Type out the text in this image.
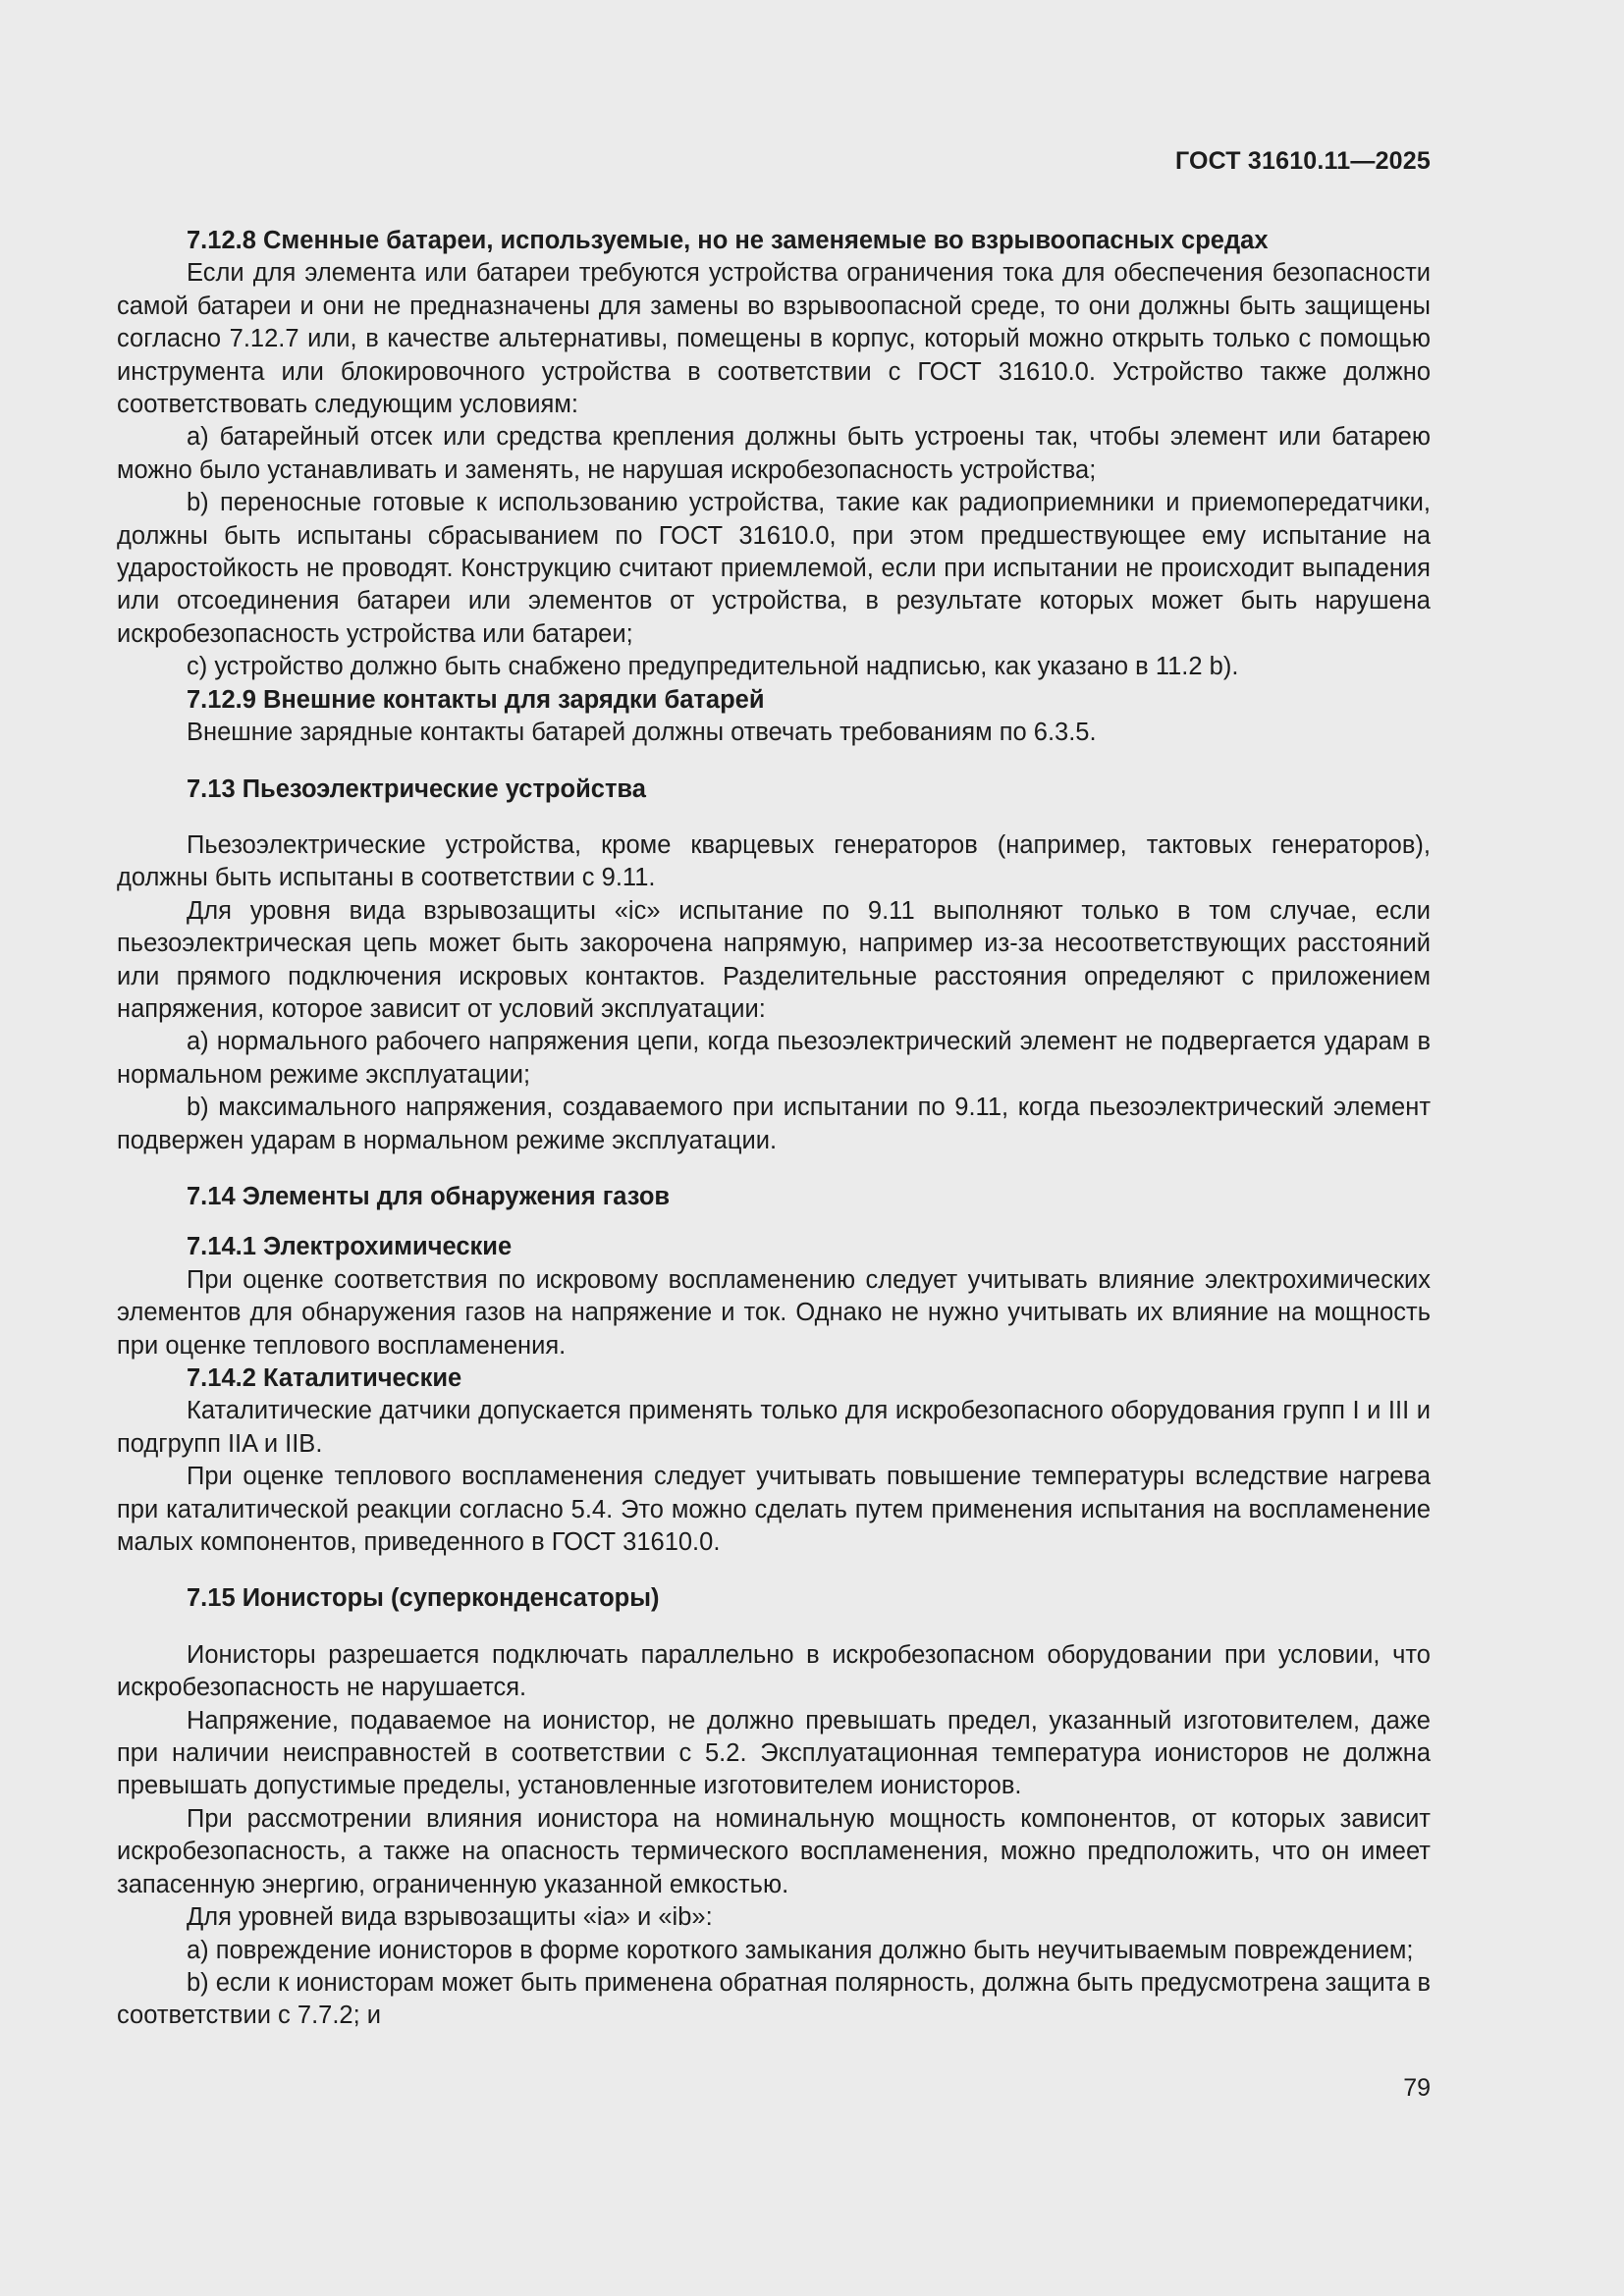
ГОСТ 31610.11—2025

7.12.8 Сменные батареи, используемые, но не заменяемые во взрывоопасных средах

Если для элемента или батареи требуются устройства ограничения тока для обеспечения безопасности самой батареи и они не предназначены для замены во взрывоопасной среде, то они должны быть защищены согласно 7.12.7 или, в качестве альтернативы, помещены в корпус, который можно открыть только с помощью инструмента или блокировочного устройства в соответствии с ГОСТ 31610.0. Устройство также должно соответствовать следующим условиям:

а) батарейный отсек или средства крепления должны быть устроены так, чтобы элемент или батарею можно было устанавливать и заменять, не нарушая искробезопасность устройства;

b) переносные готовые к использованию устройства, такие как радиоприемники и приемопередатчики, должны быть испытаны сбрасыванием по ГОСТ 31610.0, при этом предшествующее ему испытание на ударостойкость не проводят. Конструкцию считают приемлемой, если при испытании не происходит выпадения или отсоединения батареи или элементов от устройства, в результате которых может быть нарушена искробезопасность устройства или батареи;

c) устройство должно быть снабжено предупредительной надписью, как указано в 11.2 b).

7.12.9 Внешние контакты для зарядки батарей

Внешние зарядные контакты батарей должны отвечать требованиям по 6.3.5.

7.13 Пьезоэлектрические устройства

Пьезоэлектрические устройства, кроме кварцевых генераторов (например, тактовых генераторов), должны быть испытаны в соответствии с 9.11.

Для уровня вида взрывозащиты «ic» испытание по 9.11 выполняют только в том случае, если пьезоэлектрическая цепь может быть закорочена напрямую, например из-за несоответствующих расстояний или прямого подключения искровых контактов. Разделительные расстояния определяют с приложением напряжения, которое зависит от условий эксплуатации:

а) нормального рабочего напряжения цепи, когда пьезоэлектрический элемент не подвергается ударам в нормальном режиме эксплуатации;

b) максимального напряжения, создаваемого при испытании по 9.11, когда пьезоэлектрический элемент подвержен ударам в нормальном режиме эксплуатации.

7.14 Элементы для обнаружения газов

7.14.1 Электрохимические

При оценке соответствия по искровому воспламенению следует учитывать влияние электрохимических элементов для обнаружения газов на напряжение и ток. Однако не нужно учитывать их влияние на мощность при оценке теплового воспламенения.

7.14.2 Каталитические

Каталитические датчики допускается применять только для искробезопасного оборудования групп I и III и подгрупп IIA и IIB.

При оценке теплового воспламенения следует учитывать повышение температуры вследствие нагрева при каталитической реакции согласно 5.4. Это можно сделать путем применения испытания на воспламенение малых компонентов, приведенного в ГОСТ 31610.0.

7.15 Ионисторы (суперконденсаторы)

Ионисторы разрешается подключать параллельно в искробезопасном оборудовании при условии, что искробезопасность не нарушается.

Напряжение, подаваемое на ионистор, не должно превышать предел, указанный изготовителем, даже при наличии неисправностей в соответствии с 5.2. Эксплуатационная температура ионисторов не должна превышать допустимые пределы, установленные изготовителем ионисторов.

При рассмотрении влияния ионистора на номинальную мощность компонентов, от которых зависит искробезопасность, а также на опасность термического воспламенения, можно предположить, что он имеет запасенную энергию, ограниченную указанной емкостью.

Для уровней вида взрывозащиты «ia» и «ib»:

а) повреждение ионисторов в форме короткого замыкания должно быть неучитываемым повреждением;

b) если к ионисторам может быть применена обратная полярность, должна быть предусмотрена защита в соответствии с 7.7.2; и

79
